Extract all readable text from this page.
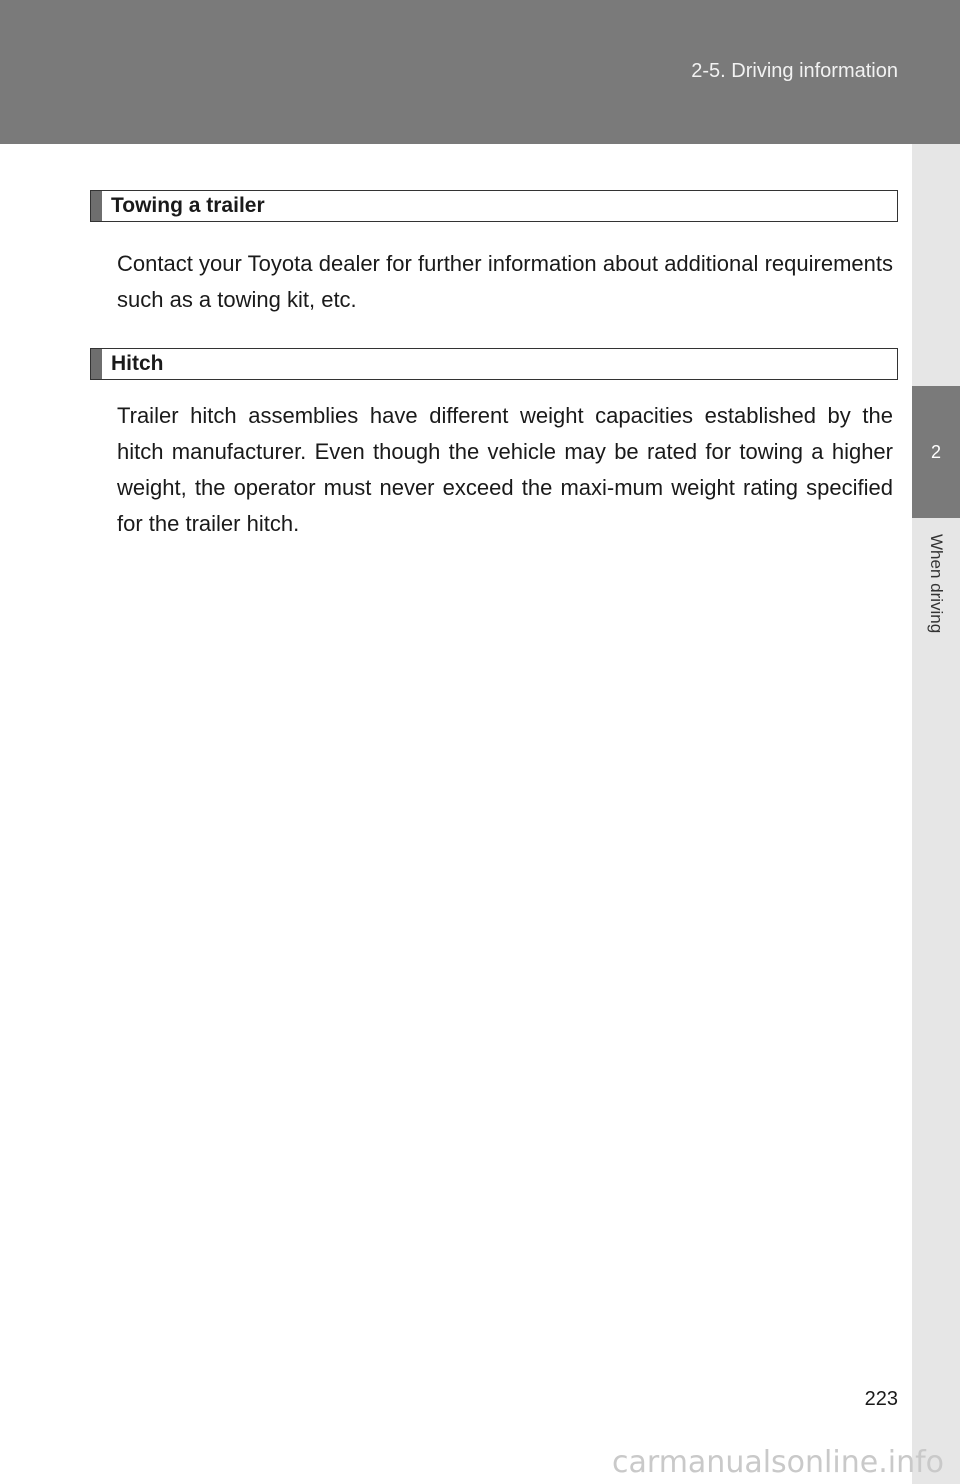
2-5. Driving information
2
When driving
Towing a trailer

Contact your Toyota dealer for further information about additional requirements such as a towing kit, etc.

Hitch

Trailer hitch assemblies have different weight capacities established by the hitch manufacturer. Even though the vehicle may be rated for towing a higher weight, the operator must never exceed the maxi-mum weight rating specified for the trailer hitch.

223
carmanualsonline.info
